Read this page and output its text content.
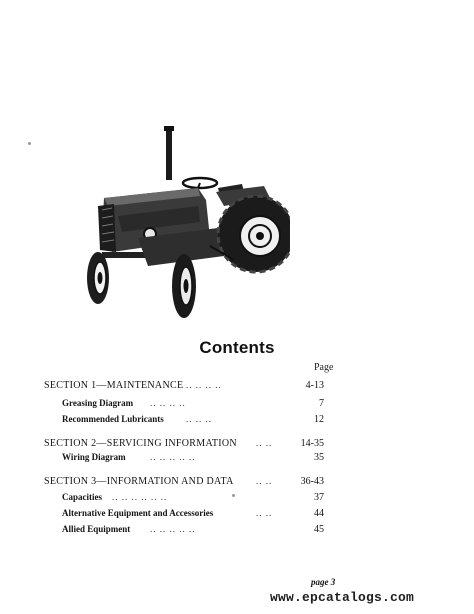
Contents
Page
SECTION 1—MAINTENANCE .. .. .. ..	4-13
Greasing Diagram .. .. .. ..	7
Recommended Lubricants .. .. ..	12
SECTION 2—SERVICING INFORMATION .. ..	14-35
Wiring Diagram	.. .. .. .. ..	35
SECTION 3—INFORMATION AND DATA .. ..	36-43
Capacities .. .. .. .. .. ..	37
Alternative Equipment and Accessories	.. ..	44
Allied Equipment .. .. .. .. ..	45
page 3
www.epcatalogs.com
